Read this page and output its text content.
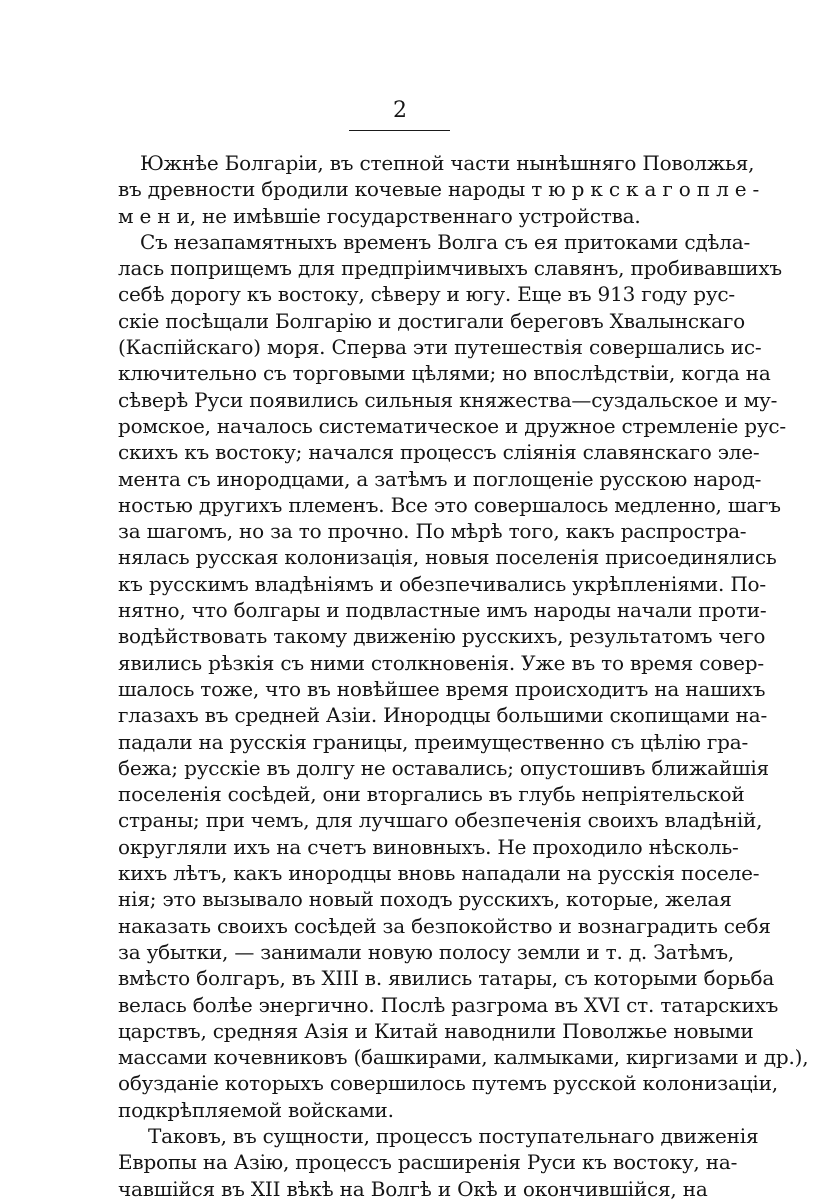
2
Южнѣе Болгаріи, въ степной части нынѣшняго Поволжья,
въ древности бродили кочевые народы т ю р к с к а г о п л е -
м е н и, не имѣвшіе государственнаго устройства.
Съ незапамятныхъ временъ Волга съ ея притоками сдѣла-
лась поприщемъ для предпріимчивыхъ славянъ, пробивавшихъ
себѣ дорогу къ востоку, сѣверу и югу. Еще въ 913 году рус-
скіе посѣщали Болгарію и достигали береговъ Хвалынскаго
(Каспійскаго) моря. Сперва эти путешествія совершались ис-
ключительно съ торговыми цѣлями; но впослѣдствіи, когда на
сѣверѣ Руси появились сильныя княжества—суздальское и му-
ромское, началось систематическое и дружное стремленіе рус-
скихъ къ востоку; начался процессъ сліянія славянскаго эле-
мента съ инородцами, а затѣмъ и поглощеніе русскою народ-
ностью другихъ племенъ. Все это совершалось медленно, шагъ
за шагомъ, но за то прочно. По мѣрѣ того, какъ распростра-
нялась русская колонизація, новыя поселенія присоединялись
къ русскимъ владѣніямъ и обезпечивались укрѣпленіями. По-
нятно, что болгары и подвластные имъ народы начали проти-
водѣйствовать такому движенію русскихъ, результатомъ чего
явились рѣзкія съ ними столкновенія. Уже въ то время совер-
шалось тоже, что въ новѣйшее время происходитъ на нашихъ
глазахъ въ средней Азіи. Инородцы большими скопищами на-
падали на русскія границы, преимущественно съ цѣлію гра-
бежа; русскіе въ долгу не оставались; опустошивъ ближайшія
поселенія сосѣдей, они вторгались въ глубь непріятельской
страны; при чемъ, для лучшаго обезпеченія своихъ владѣній,
округляли ихъ на счетъ виновныхъ. Не проходило нѣсколь-
кихъ лѣтъ, какъ инородцы вновь нападали на русскія поселе-
нія; это вызывало новый походъ русскихъ, которые, желая
наказать своихъ сосѣдей за безпокойство и вознаградить себя
за убытки, — занимали новую полосу земли и т. д. Затѣмъ,
вмѣсто болгаръ, въ XIII в. явились татары, съ которыми борьба
велась болѣе энергично. Послѣ разгрома въ XVI ст. татарскихъ
царствъ, средняя Азія и Китай наводнили Поволжье новыми
массами кочевниковъ (башкирами, калмыками, киргизами и др.),
обузданіе которыхъ совершилось путемъ русской колонизаціи,
подкрѣпляемой войсками.
Таковъ, въ сущности, процессъ поступательнаго движенія
Европы на Азію, процессъ расширенія Руси къ востоку, на-
чавшійся въ XII вѣкѣ на Волгѣ и Окѣ и окончившійся, на
